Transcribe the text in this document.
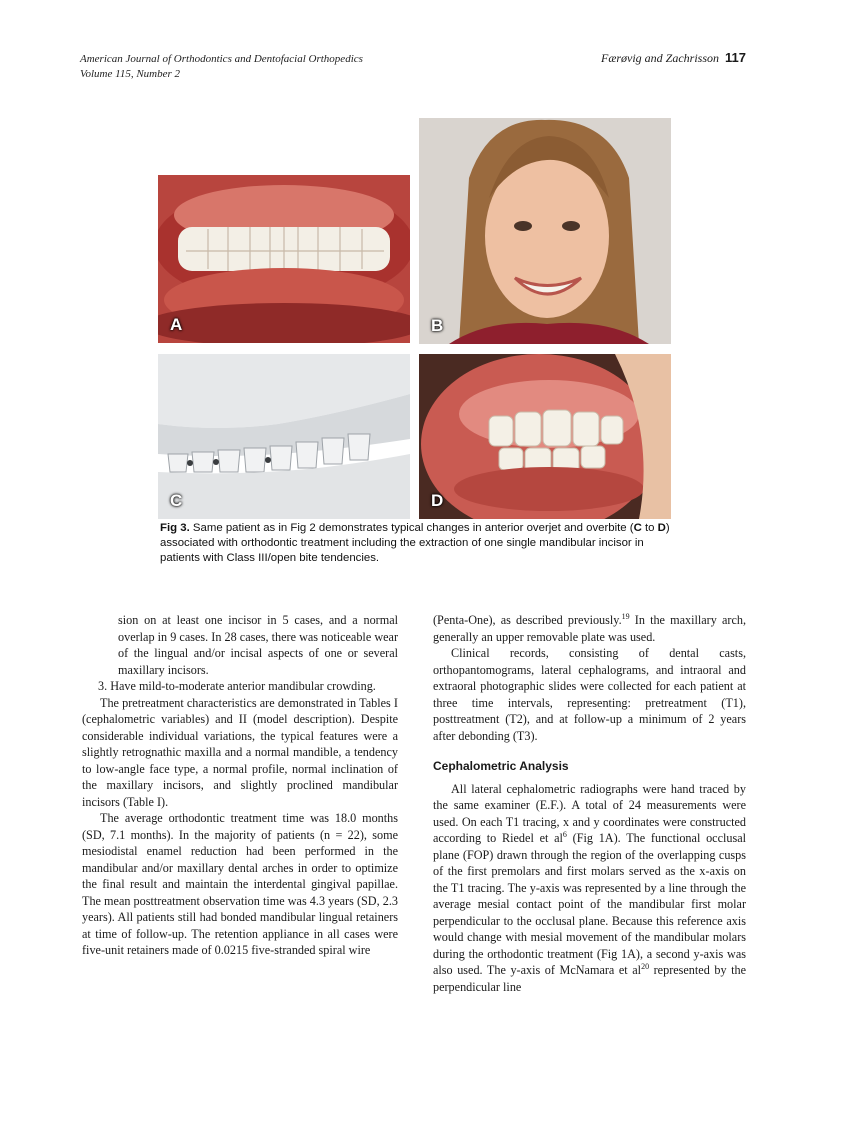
American Journal of Orthodontics and Dentofacial Orthopedics
Volume 115, Number 2
Færøvig and Zachrisson 117
A	B
C	D
Fig 3. Same patient as in Fig 2 demonstrates typical changes in anterior overjet and overbite (C to D) associated with orthodontic treatment including the extraction of one single mandibular incisor in patients with Class III/open bite tendencies.

sion on at least one incisor in 5 cases, and a normal overlap in 9 cases. In 28 cases, there was noticeable wear of the lingual and/or incisal aspects of one or several maxillary incisors.

3. Have mild-to-moderate anterior mandibular crowding.

The pretreatment characteristics are demonstrated in Tables I (cephalometric variables) and II (model description). Despite considerable individual variations, the typical features were a slightly retrognathic maxilla and a normal mandible, a tendency to low-angle face type, a normal profile, normal inclination of the maxillary incisors, and slightly proclined mandibular incisors (Table I).

The average orthodontic treatment time was 18.0 months (SD, 7.1 months). In the majority of patients (n = 22), some mesiodistal enamel reduction had been performed in the mandibular and/or maxillary dental arches in order to optimize the final result and maintain the interdental gingival papillae. The mean posttreatment observation time was 4.3 years (SD, 2.3 years). All patients still had bonded mandibular lingual retainers at time of follow-up. The retention appliance in all cases were five-unit retainers made of 0.0215 five-stranded spiral wire

(Penta-One), as described previously.$^{19}$ In the maxillary arch, generally an upper removable plate was used.

Clinical records, consisting of dental casts, orthopantomograms, lateral cephalograms, and intraoral and extraoral photographic slides were collected for each patient at three time intervals, representing: pretreatment (T1), posttreatment (T2), and at follow-up a minimum of 2 years after debonding (T3).

Cephalometric Analysis

All lateral cephalometric radiographs were hand traced by the same examiner (E.F.). A total of 24 measurements were used. On each T1 tracing, x and y coordinates were constructed according to Riedel et $al^6$ (Fig 1A). The functional occlusal plane (FOP) drawn through the region of the overlapping cusps of the first premolars and first molars served as the x-axis on the T1 tracing. The y-axis was represented by a line through the average mesial contact point of the mandibular first molar perpendicular to the occlusal plane. Because this reference axis would change with mesial movement of the mandibular molars during the orthodontic treatment (Fig 1A), a second y-axis was also used. The y-axis of McNamara et $al^{20}$ represented by the perpendicular line
